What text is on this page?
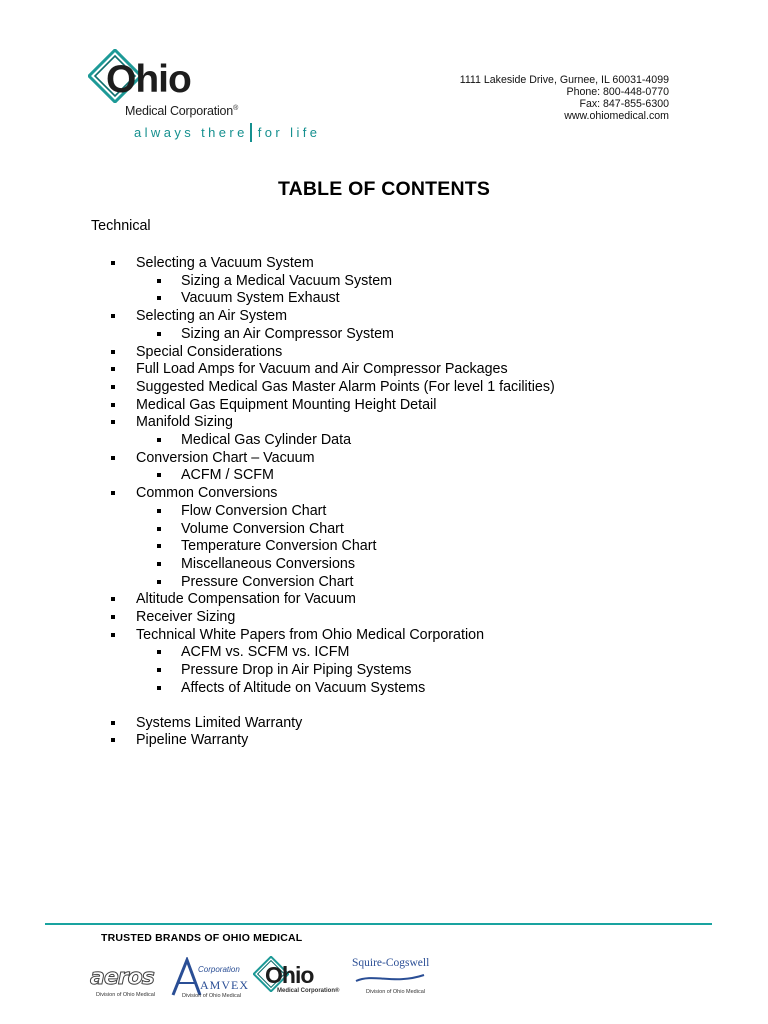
Ohio
Medical Corporation®
always there for life
1111 Lakeside Drive, Gurnee, IL 60031-4099
Phone: 800-448-0770
Fax: 847-855-6300
www.ohiomedical.com
TABLE OF CONTENTS
Technical
Selecting a Vacuum System
Sizing a Medical Vacuum System
Vacuum System Exhaust
Selecting an Air System
Sizing an Air Compressor System
Special Considerations
Full Load Amps for Vacuum and Air Compressor Packages
Suggested Medical Gas Master Alarm Points (For level 1 facilities)
Medical Gas Equipment Mounting Height Detail
Manifold Sizing
Medical Gas Cylinder Data
Conversion Chart – Vacuum
ACFM / SCFM
Common Conversions
Flow Conversion Chart
Volume Conversion Chart
Temperature Conversion Chart
Miscellaneous Conversions
Pressure Conversion Chart
Altitude Compensation for Vacuum
Receiver Sizing
Technical White Papers from Ohio Medical Corporation
ACFM vs. SCFM vs. ICFM
Pressure Drop in Air Piping Systems
Affects of Altitude on Vacuum Systems
Systems Limited Warranty
Pipeline Warranty
TRUSTED BRANDS OF OHIO MEDICAL
aeros
Division of Ohio Medical
Corporation
AMVEX
Division of Ohio Medical
Ohio
Medical Corporation®
Squire-Cogswell
Division of Ohio Medical
